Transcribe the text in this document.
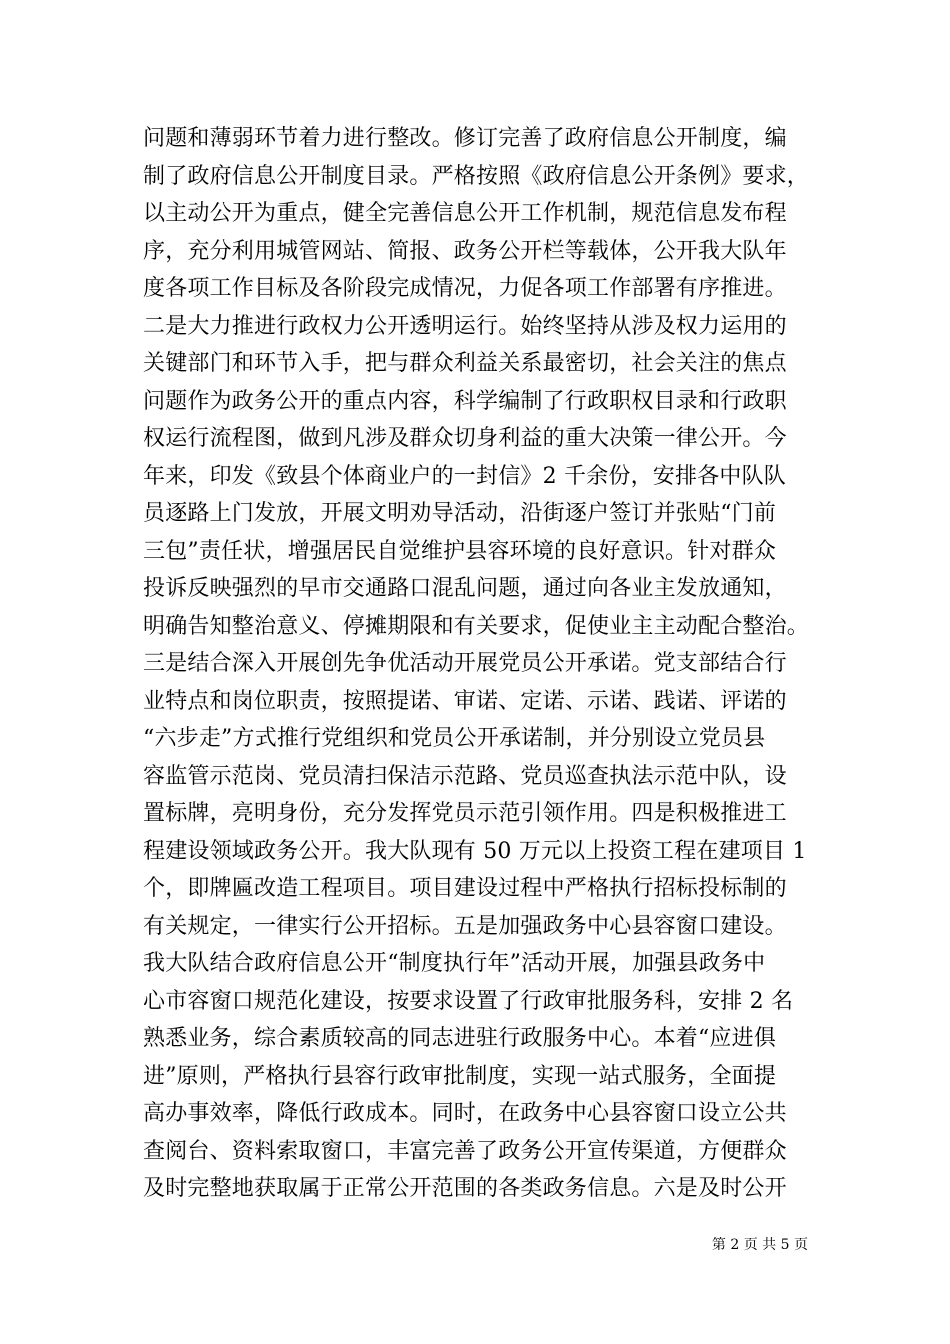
问题和薄弱环节着力进行整改。修订完善了政府信息公开制度，编
制了政府信息公开制度目录。严格按照《政府信息公开条例》要求，
以主动公开为重点，健全完善信息公开工作机制，规范信息发布程
序，充分利用城管网站、简报、政务公开栏等载体，公开我大队年
度各项工作目标及各阶段完成情况，力促各项工作部署有序推进。
二是大力推进行政权力公开透明运行。始终坚持从涉及权力运用的
关键部门和环节入手，把与群众利益关系最密切，社会关注的焦点
问题作为政务公开的重点内容，科学编制了行政职权目录和行政职
权运行流程图，做到凡涉及群众切身利益的重大决策一律公开。今
年来，印发《致县个体商业户的一封信》2 千余份，安排各中队队
员逐路上门发放，开展文明劝导活动，沿街逐户签订并张贴“门前
三包”责任状，增强居民自觉维护县容环境的良好意识。针对群众
投诉反映强烈的早市交通路口混乱问题，通过向各业主发放通知，
明确告知整治意义、停摊期限和有关要求，促使业主主动配合整治。
三是结合深入开展创先争优活动开展党员公开承诺。党支部结合行
业特点和岗位职责，按照提诺、审诺、定诺、示诺、践诺、评诺的
“六步走”方式推行党组织和党员公开承诺制，并分别设立党员县
容监管示范岗、党员清扫保洁示范路、党员巡查执法示范中队，设
置标牌，亮明身份，充分发挥党员示范引领作用。四是积极推进工
程建设领域政务公开。我大队现有 50 万元以上投资工程在建项目 1
个，即牌匾改造工程项目。项目建设过程中严格执行招标投标制的
有关规定，一律实行公开招标。五是加强政务中心县容窗口建设。
我大队结合政府信息公开“制度执行年”活动开展，加强县政务中
心市容窗口规范化建设，按要求设置了行政审批服务科，安排 2 名
熟悉业务，综合素质较高的同志进驻行政服务中心。本着“应进俱
进”原则，严格执行县容行政审批制度，实现一站式服务，全面提
高办事效率，降低行政成本。同时，在政务中心县容窗口设立公共
查阅台、资料索取窗口，丰富完善了政务公开宣传渠道，方便群众
及时完整地获取属于正常公开范围的各类政务信息。六是及时公开
第 2 页 共 5 页
